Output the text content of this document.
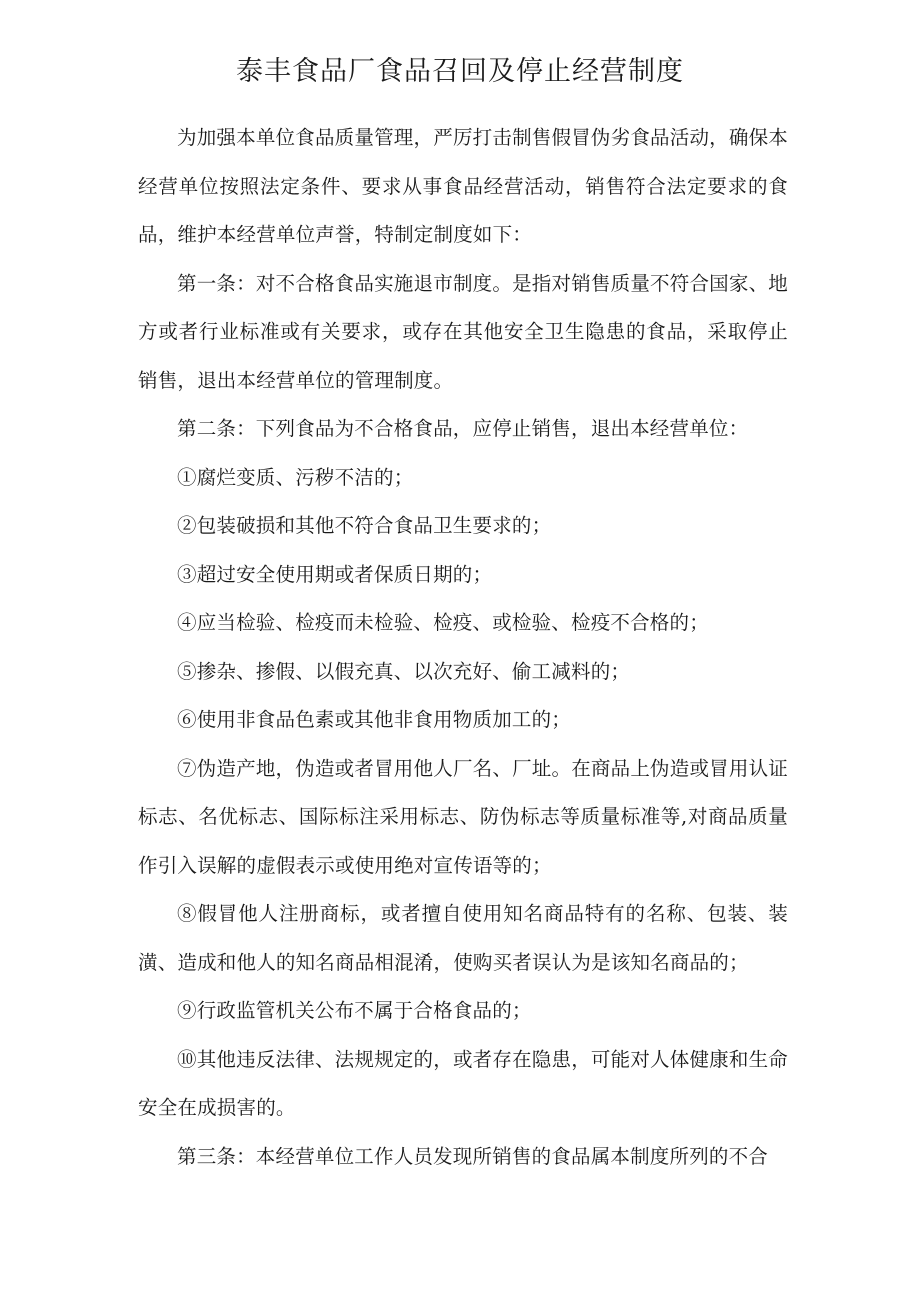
泰丰食品厂食品召回及停止经营制度

为加强本单位食品质量管理，严厉打击制售假冒伪劣食品活动，确保本经营单位按照法定条件、要求从事食品经营活动，销售符合法定要求的食品，维护本经营单位声誉，特制定制度如下：

第一条：对不合格食品实施退市制度。是指对销售质量不符合国家、地方或者行业标准或有关要求，或存在其他安全卫生隐患的食品，采取停止销售，退出本经营单位的管理制度。

第二条：下列食品为不合格食品，应停止销售，退出本经营单位：

①腐烂变质、污秽不洁的；

②包装破损和其他不符合食品卫生要求的；

③超过安全使用期或者保质日期的；

④应当检验、检疫而未检验、检疫、或检验、检疫不合格的；

⑤掺杂、掺假、以假充真、以次充好、偷工减料的；

⑥使用非食品色素或其他非食用物质加工的；

⑦伪造产地，伪造或者冒用他人厂名、厂址。在商品上伪造或冒用认证标志、名优标志、国际标注采用标志、防伪标志等质量标准等,对商品质量作引入误解的虚假表示或使用绝对宣传语等的；

⑧假冒他人注册商标，或者擅自使用知名商品特有的名称、包装、装潢、造成和他人的知名商品相混淆，使购买者误认为是该知名商品的；

⑨行政监管机关公布不属于合格食品的；

⑩其他违反法律、法规规定的，或者存在隐患，可能对人体健康和生命安全在成损害的。

第三条：本经营单位工作人员发现所销售的食品属本制度所列的不合
